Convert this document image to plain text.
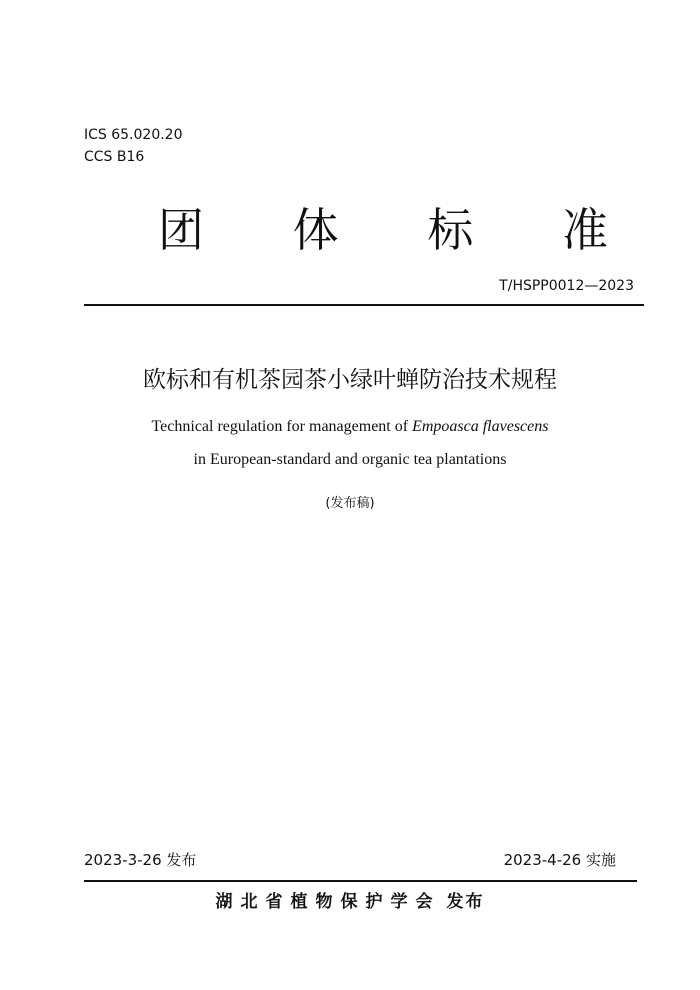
ICS 65.020.20
CCS B16
团 体 标 准
T/HSPP0012—2023
欧标和有机茶园茶小绿叶蝉防治技术规程
Technical regulation for management of Empoasca flavescens
in European-standard and organic tea plantations
(发布稿)
2023-3-26 发布	2023-4-26 实施
湖北省植物保护学会 发布
